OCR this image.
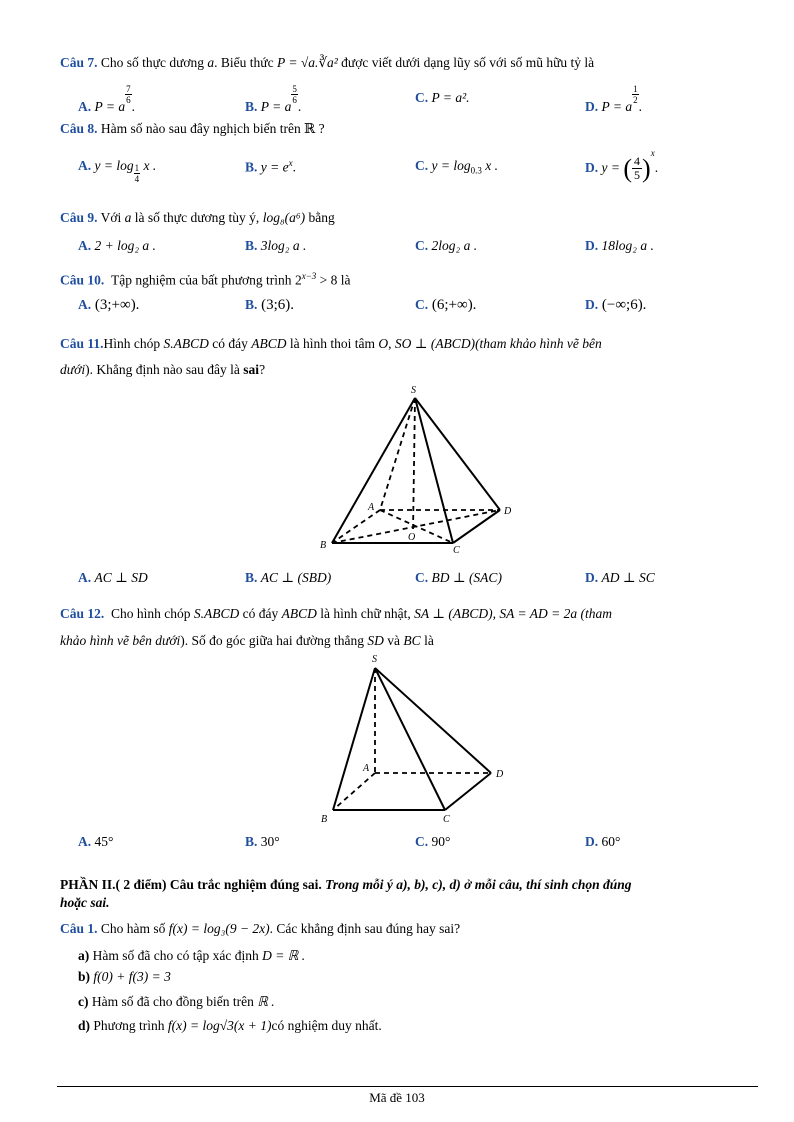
Câu 7. Cho số thực dương a. Biểu thức P = √a.∛a² được viết dưới dạng lũy số với số mũ hữu tỷ là
A. P = a
$\frac{7}{6}$
.	B. P = a
$\frac{5}{6}$
.
C. P = a².
D. P = a
$\frac{1}{2}$
.
Câu 8. Hàm số nào sau đây nghịch biến trên ℝ ?
A. $y = \log \frac{1}{4}$ x .	B. $y = e^x$.	C. $y = \log_{0.3} x$ .	D. y = ( $\frac{4}{5} )^x$.
Câu 9. Với a là số thực dương tùy ý, log₈(a⁶) bằng
A. 2 + log₂ a .	B. 3log₂ a .	C. 2log₂ a .	D. 18log₂ a .
Câu 10. Tập nghiệm của bất phương trình $2^{x-3} > 8$ là
A. (3;+∞).	B. (3;6).	C. (6;+∞).	D. (−∞;6).
Câu 11.Hình chóp S.ABCD có đáy ABCD là hình thoi tâm O, SO ⊥ (ABCD)(tham khảo hình vẽ bên
dưới). Khẳng định nào sau đây là sai?
S
A
B	C
D
O
A. AC ⊥ SD	B. AC ⊥ (SBD)	C. BD ⊥ (SAC)	D. AD ⊥ SC
Câu 12. Cho hình chóp S.ABCD có đáy ABCD là hình chữ nhật, SA ⊥ (ABCD), SA = AD = 2a (tham
khảo hình vẽ bên dưới). Số đo góc giữa hai đường thẳng SD và BC là
S
A
B	C
D
A. 45°	B. 30°	C. 90°	D. 60°
PHẦN II.( 2 điểm) Câu trắc nghiệm đúng sai. Trong mỗi ý a), b), c), d) ở mỗi câu, thí sinh chọn đúng
hoặc sai.
Câu 1. Cho hàm số f(x) = log₃(9 − 2x). Các khẳng định sau đúng hay sai?
a) Hàm số đã cho có tập xác định D = ℝ .
b) f(0) + f(3) = 3
c) Hàm số đã cho đồng biến trên ℝ .
d) Phương trình f(x) = log√3(x + 1)có nghiệm duy nhất.
Mã đề 103
